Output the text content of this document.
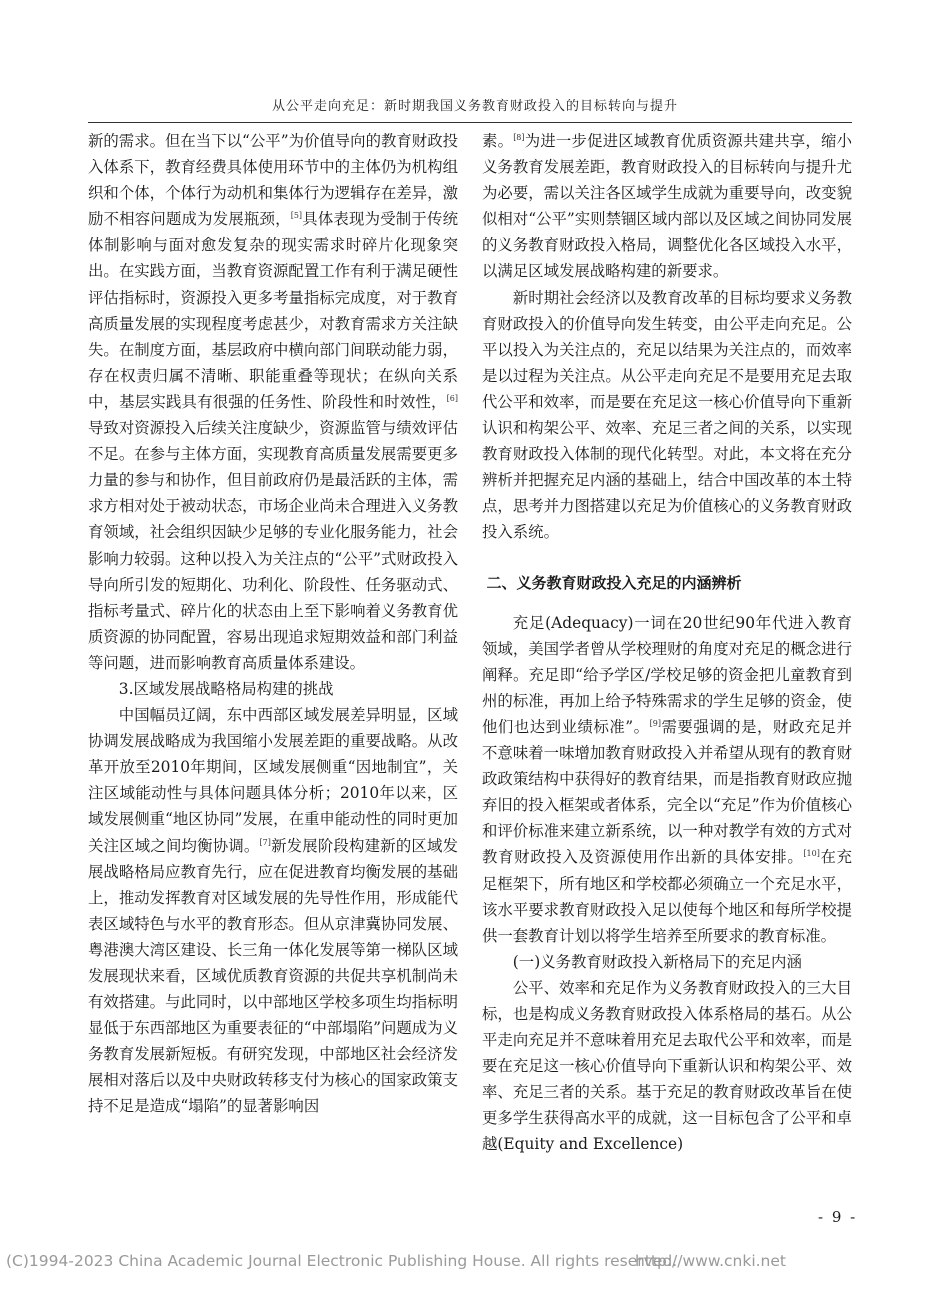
从公平走向充足：新时期我国义务教育财政投入的目标转向与提升

新的需求。但在当下以“公平”为价值导向的教育财政投入体系下，教育经费具体使用环节中的主体仍为机构组织和个体，个体行为动机和集体行为逻辑存在差异，激励不相容问题成为发展瓶颈，[5]具体表现为受制于传统体制影响与面对愈发复杂的现实需求时碎片化现象突出。在实践方面，当教育资源配置工作有利于满足硬性评估指标时，资源投入更多考量指标完成度，对于教育高质量发展的实现程度考虑甚少，对教育需求方关注缺失。在制度方面，基层政府中横向部门间联动能力弱，存在权责归属不清晰、职能重叠等现状；在纵向关系中，基层实践具有很强的任务性、阶段性和时效性，[6]导致对资源投入后续关注度缺少，资源监管与绩效评估不足。在参与主体方面，实现教育高质量发展需要更多力量的参与和协作，但目前政府仍是最活跃的主体，需求方相对处于被动状态，市场企业尚未合理进入义务教育领域，社会组织因缺少足够的专业化服务能力，社会影响力较弱。这种以投入为关注点的“公平”式财政投入导向所引发的短期化、功利化、阶段性、任务驱动式、指标考量式、碎片化的状态由上至下影响着义务教育优质资源的协同配置，容易出现追求短期效益和部门利益等问题，进而影响教育高质量体系建设。

3.区域发展战略格局构建的挑战

中国幅员辽阔，东中西部区域发展差异明显，区域协调发展战略成为我国缩小发展差距的重要战略。从改革开放至2010年期间，区域发展侧重“因地制宜”，关注区域能动性与具体问题具体分析；2010年以来，区域发展侧重“地区协同”发展，在重申能动性的同时更加关注区域之间均衡协调。[7]新发展阶段构建新的区域发展战略格局应教育先行，应在促进教育均衡发展的基础上，推动发挥教育对区域发展的先导性作用，形成能代表区域特色与水平的教育形态。但从京津冀协同发展、粤港澳大湾区建设、长三角一体化发展等第一梯队区域发展现状来看，区域优质教育资源的共促共享机制尚未有效搭建。与此同时，以中部地区学校多项生均指标明显低于东西部地区为重要表征的“中部塌陷”问题成为义务教育发展新短板。有研究发现，中部地区社会经济发展相对落后以及中央财政转移支付为核心的国家政策支持不足是造成“塌陷”的显著影响因

素。[8]为进一步促进区域教育优质资源共建共享，缩小义务教育发展差距，教育财政投入的目标转向与提升尤为必要，需以关注各区域学生成就为重要导向，改变貌似相对“公平”实则禁锢区域内部以及区域之间协同发展的义务教育财政投入格局，调整优化各区域投入水平，以满足区域发展战略构建的新要求。

新时期社会经济以及教育改革的目标均要求义务教育财政投入的价值导向发生转变，由公平走向充足。公平以投入为关注点的，充足以结果为关注点的，而效率是以过程为关注点。从公平走向充足不是要用充足去取代公平和效率，而是要在充足这一核心价值导向下重新认识和构架公平、效率、充足三者之间的关系，以实现教育财政投入体制的现代化转型。对此，本文将在充分辨析并把握充足内涵的基础上，结合中国改革的本土特点，思考并力图搭建以充足为价值核心的义务教育财政投入系统。

二、义务教育财政投入充足的内涵辨析

充足(Adequacy)一词在20世纪90年代进入教育领域，美国学者曾从学校理财的角度对充足的概念进行阐释。充足即“给予学区/学校足够的资金把儿童教育到州的标准，再加上给予特殊需求的学生足够的资金，使他们也达到业绩标准”。[9]需要强调的是，财政充足并不意味着一味增加教育财政投入并希望从现有的教育财政政策结构中获得好的教育结果，而是指教育财政应抛弃旧的投入框架或者体系，完全以“充足”作为价值核心和评价标准来建立新系统，以一种对教学有效的方式对教育财政投入及资源使用作出新的具体安排。[10]在充足框架下，所有地区和学校都必须确立一个充足水平，该水平要求教育财政投入足以使每个地区和每所学校提供一套教育计划以将学生培养至所要求的教育标准。

(一)义务教育财政投入新格局下的充足内涵

公平、效率和充足作为义务教育财政投入的三大目标，也是构成义务教育财政投入体系格局的基石。从公平走向充足并不意味着用充足去取代公平和效率，而是要在充足这一核心价值导向下重新认识和构架公平、效率、充足三者的关系。基于充足的教育财政改革旨在使更多学生获得高水平的成就，这一目标包含了公平和卓越(Equity and Excellence)

- 9 -
(C)1994-2023 China Academic Journal Electronic Publishing House. All rights reserved.
http://www.cnki.net
